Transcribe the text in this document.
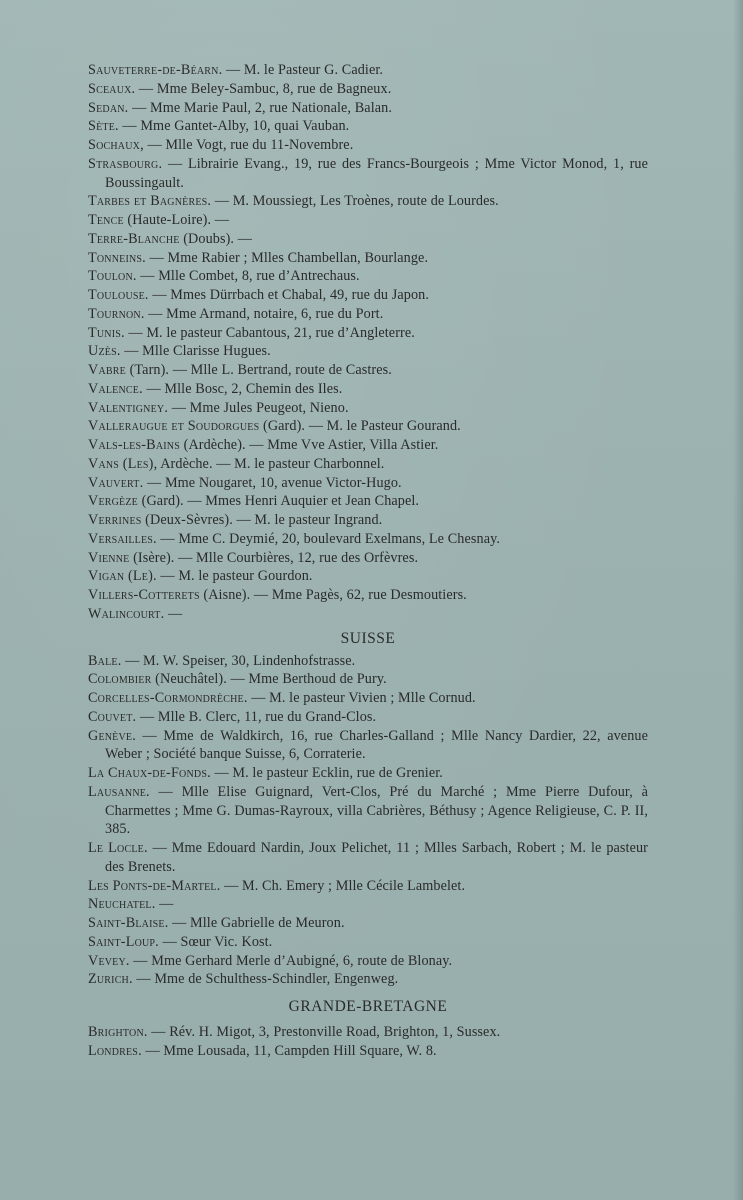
Sauveterre-de-Béarn. — M. le Pasteur G. Cadier.
Sceaux. — Mme Beley-Sambuc, 8, rue de Bagneux.
Sedan. — Mme Marie Paul, 2, rue Nationale, Balan.
Sète. — Mme Gantet-Alby, 10, quai Vauban.
Sochaux, — Mlle Vogt, rue du 11-Novembre.
Strasbourg. — Librairie Evang., 19, rue des Francs-Bourgeois ; Mme Victor Monod, 1, rue Boussingault.
Tarbes et Bagnères. — M. Moussiegt, Les Troènes, route de Lourdes.
Tence (Haute-Loire). —
Terre-Blanche (Doubs). —
Tonneins. — Mme Rabier ; Mlles Chambellan, Bourlange.
Toulon. — Mlle Combet, 8, rue d’Antrechaus.
Toulouse. — Mmes Dürrbach et Chabal, 49, rue du Japon.
Tournon. — Mme Armand, notaire, 6, rue du Port.
Tunis. — M. le pasteur Cabantous, 21, rue d’Angleterre.
Uzès. — Mlle Clarisse Hugues.
Vabre (Tarn). — Mlle L. Bertrand, route de Castres.
Valence. — Mlle Bosc, 2, Chemin des Iles.
Valentigney. — Mme Jules Peugeot, Nieno.
Valleraugue et Soudorgues (Gard). — M. le Pasteur Gourand.
Vals-les-Bains (Ardèche). — Mme Vve Astier, Villa Astier.
Vans (Les), Ardèche. — M. le pasteur Charbonnel.
Vauvert. — Mme Nougaret, 10, avenue Victor-Hugo.
Vergèze (Gard). — Mmes Henri Auquier et Jean Chapel.
Verrines (Deux-Sèvres). — M. le pasteur Ingrand.
Versailles. — Mme C. Deymié, 20, boulevard Exelmans, Le Chesnay.
Vienne (Isère). — Mlle Courbières, 12, rue des Orfèvres.
Vigan (Le). — M. le pasteur Gourdon.
Villers-Cotterets (Aisne). — Mme Pagès, 62, rue Desmoutiers.
Walincourt. —
SUISSE
Bale. — M. W. Speiser, 30, Lindenhofstrasse.
Colombier (Neuchâtel). — Mme Berthoud de Pury.
Corcelles-Cormondrèche. — M. le pasteur Vivien ; Mlle Cornud.
Couvet. — Mlle B. Clerc, 11, rue du Grand-Clos.
Genève. — Mme de Waldkirch, 16, rue Charles-Galland ; Mlle Nancy Dardier, 22, avenue Weber ; Société banque Suisse, 6, Corraterie.
La Chaux-de-Fonds. — M. le pasteur Ecklin, rue de Grenier.
Lausanne. — Mlle Elise Guignard, Vert-Clos, Pré du Marché ; Mme Pierre Dufour, à Charmettes ; Mme G. Dumas-Rayroux, villa Cabrières, Béthusy ; Agence Religieuse, C. P. II, 385.
Le Locle. — Mme Edouard Nardin, Joux Pelichet, 11 ; Mlles Sarbach, Robert ; M. le pasteur des Brenets.
Les Ponts-de-Martel. — M. Ch. Emery ; Mlle Cécile Lambelet.
Neuchatel. —
Saint-Blaise. — Mlle Gabrielle de Meuron.
Saint-Loup. — Sœur Vic. Kost.
Vevey. — Mme Gerhard Merle d’Aubigné, 6, route de Blonay.
Zurich. — Mme de Schulthess-Schindler, Engenweg.
GRANDE-BRETAGNE
Brighton. — Rév. H. Migot, 3, Prestonville Road, Brighton, 1, Sussex.
Londres. — Mme Lousada, 11, Campden Hill Square, W. 8.
